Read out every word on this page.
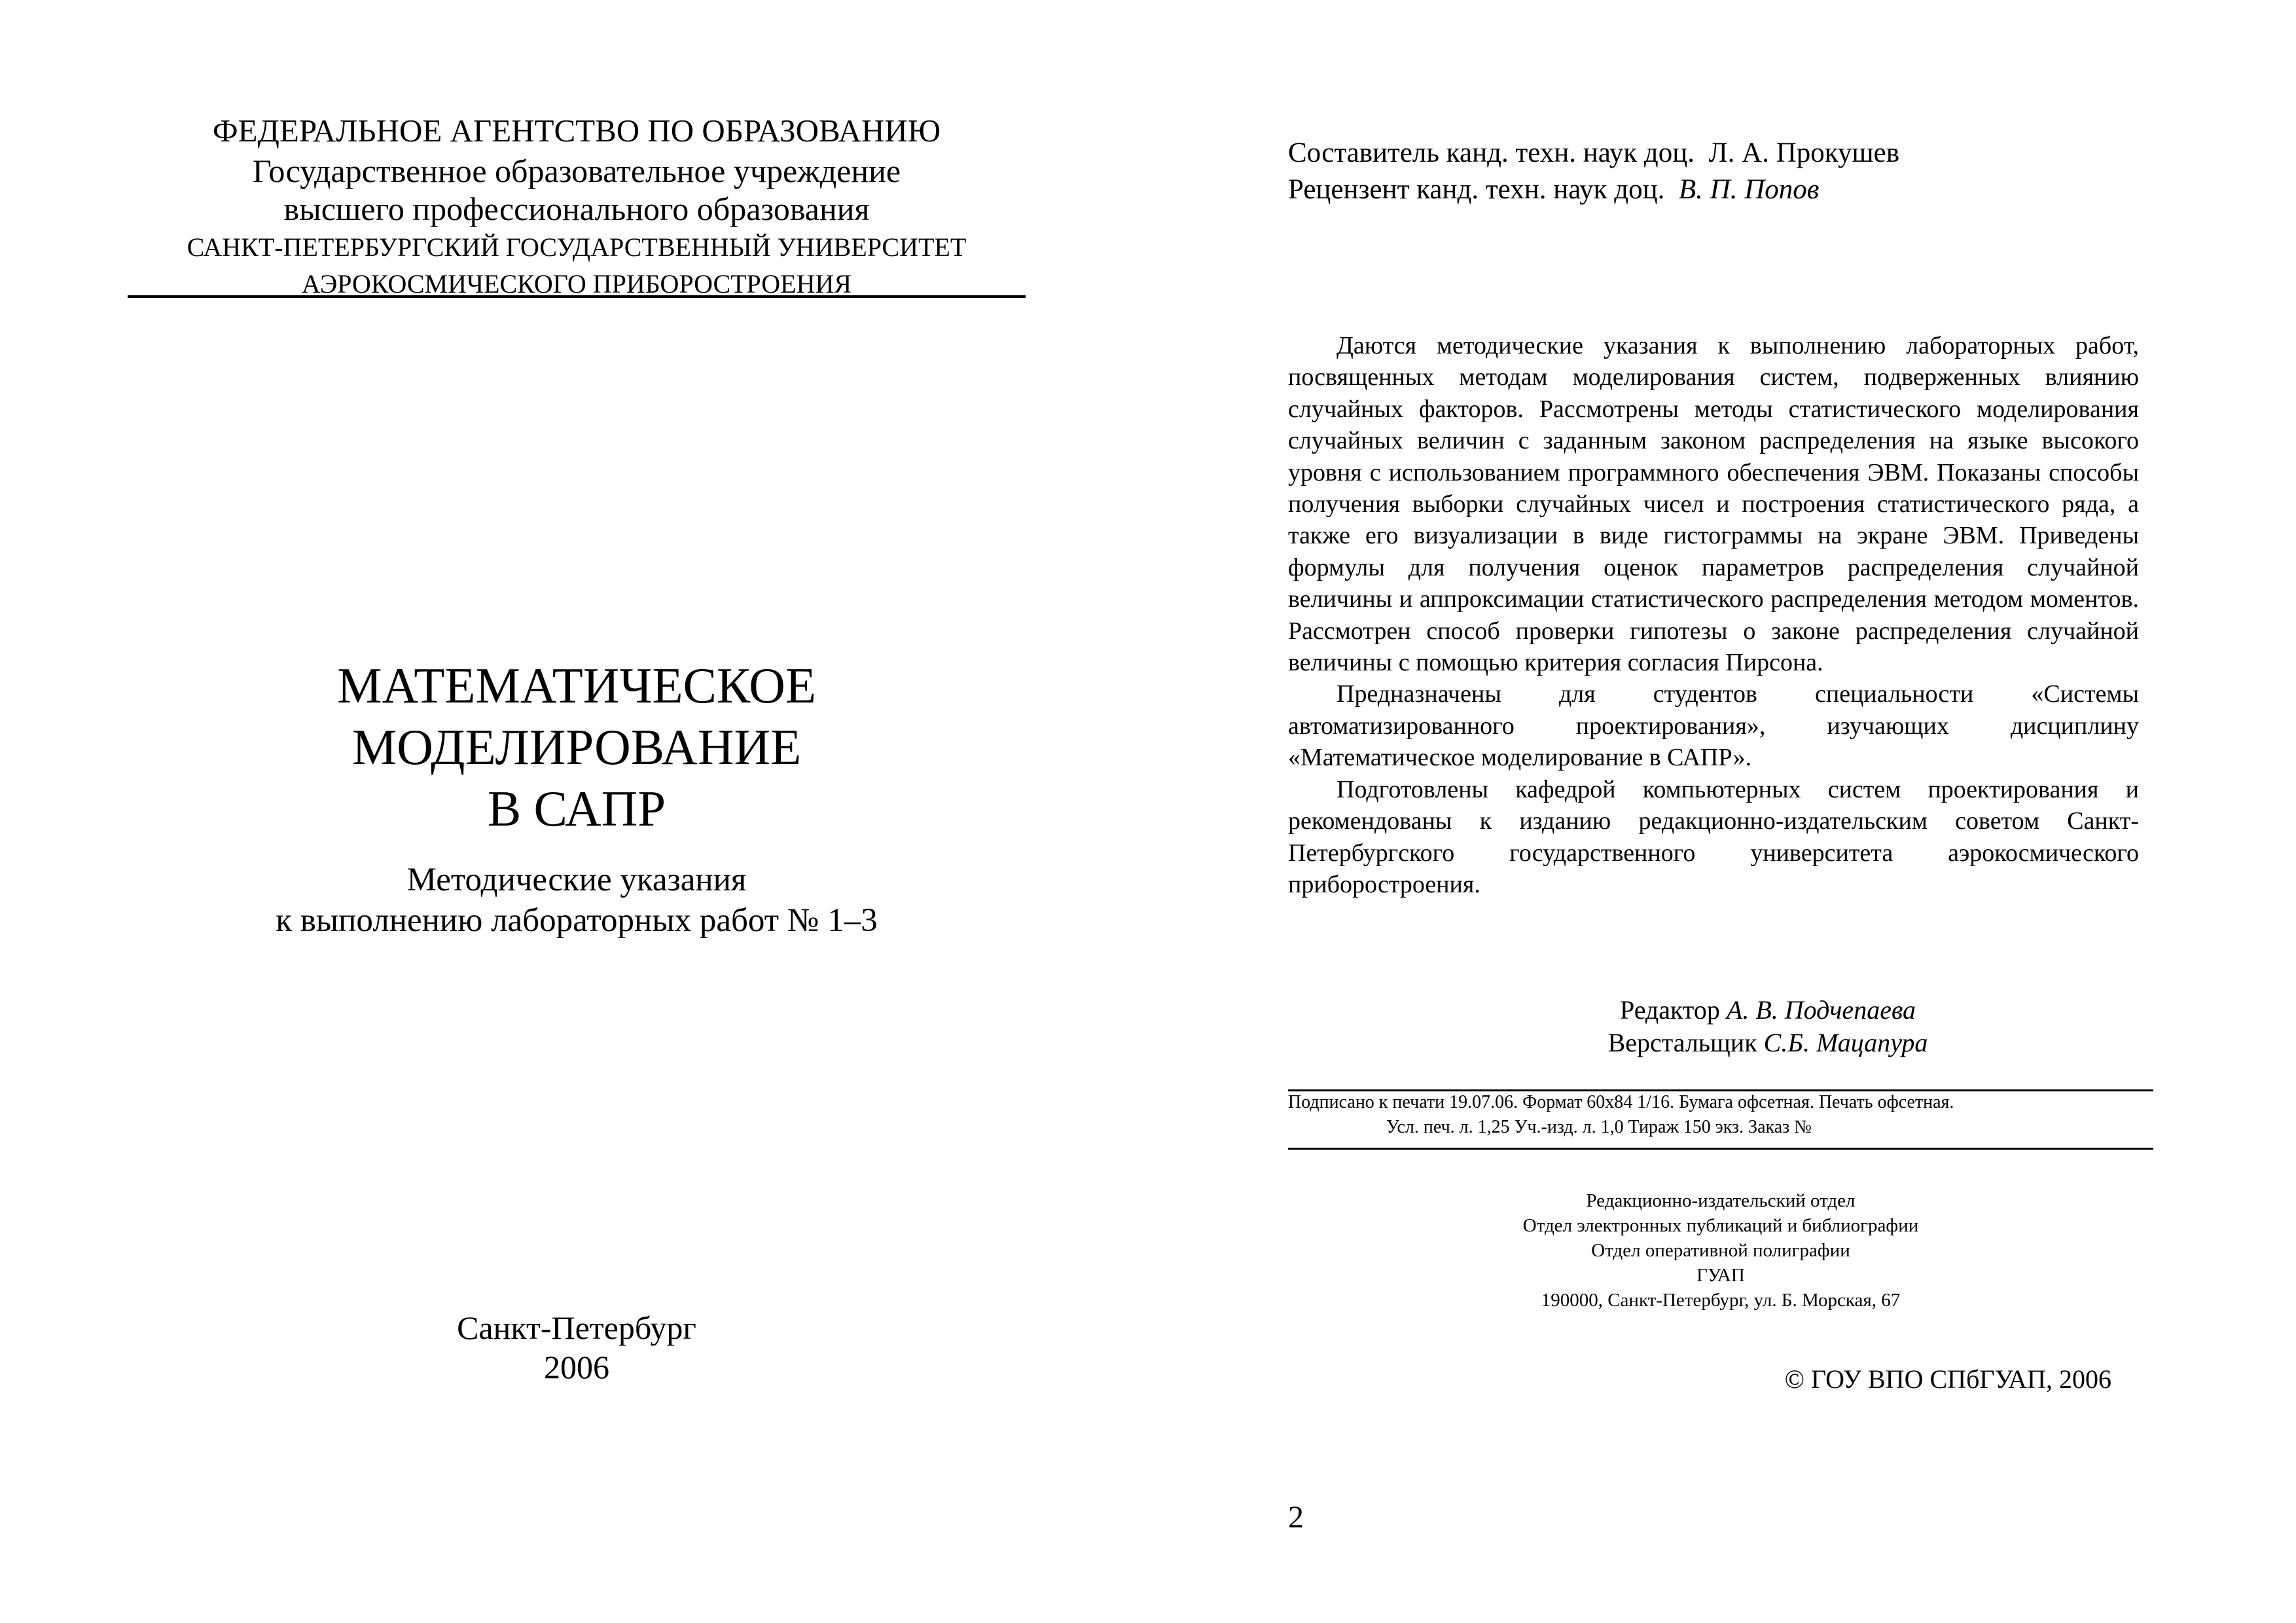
ФЕДЕРАЛЬНОЕ АГЕНТСТВО ПО ОБРАЗОВАНИЮ
Государственное образовательное учреждение
высшего профессионального образования
САНКТ-ПЕТЕРБУРГСКИЙ ГОСУДАРСТВЕННЫЙ УНИВЕРСИТЕТ
АЭРОКОСМИЧЕСКОГО ПРИБОРОСТРОЕНИЯ
МАТЕМАТИЧЕСКОЕ
МОДЕЛИРОВАНИЕ
В САПР
Методические указания
к выполнению лабораторных работ № 1–3
Санкт-Петербург
2006
Составитель канд. техн. наук доц. Л. А. Прокушев
Рецензент канд. техн. наук доц. В. П. Попов

Даются методические указания к выполнению лабораторных работ, посвященных методам моделирования систем, подверженных влиянию случайных факторов. Рассмотрены методы статистического моделирования случайных величин с заданным законом распределения на языке высокого уровня с использованием программного обеспечения ЭВМ. Показаны способы получения выборки случайных чисел и построения статистического ряда, а также его визуализации в виде гистограммы на экране ЭВМ. Приведены формулы для получения оценок параметров распределения случайной величины и аппроксимации статистического распределения методом моментов. Рассмотрен способ проверки гипотезы о законе распределения случайной величины с помощью критерия согласия Пирсона.

Предназначены для студентов специальности «Системы автоматизированного проектирования», изучающих дисциплину «Математическое моделирование в САПР».

Подготовлены кафедрой компьютерных систем проектирования и рекомендованы к изданию редакционно-издательским советом Санкт-Петербургского государственного университета аэрокосмического приборостроения.

Редактор А. В. Подчепаева
Верстальщик С.Б. Мацапура
Подписано к печати 19.07.06. Формат 60x84 1/16. Бумага офсетная. Печать офсетная.
Усл. печ. л. 1,25 Уч.-изд. л. 1,0 Тираж 150 экз. Заказ №
Редакционно-издательский отдел
Отдел электронных публикаций и библиографии
Отдел оперативной полиграфии
ГУАП
190000, Санкт-Петербург, ул. Б. Морская, 67
© ГОУ ВПО СПбГУАП, 2006
2
